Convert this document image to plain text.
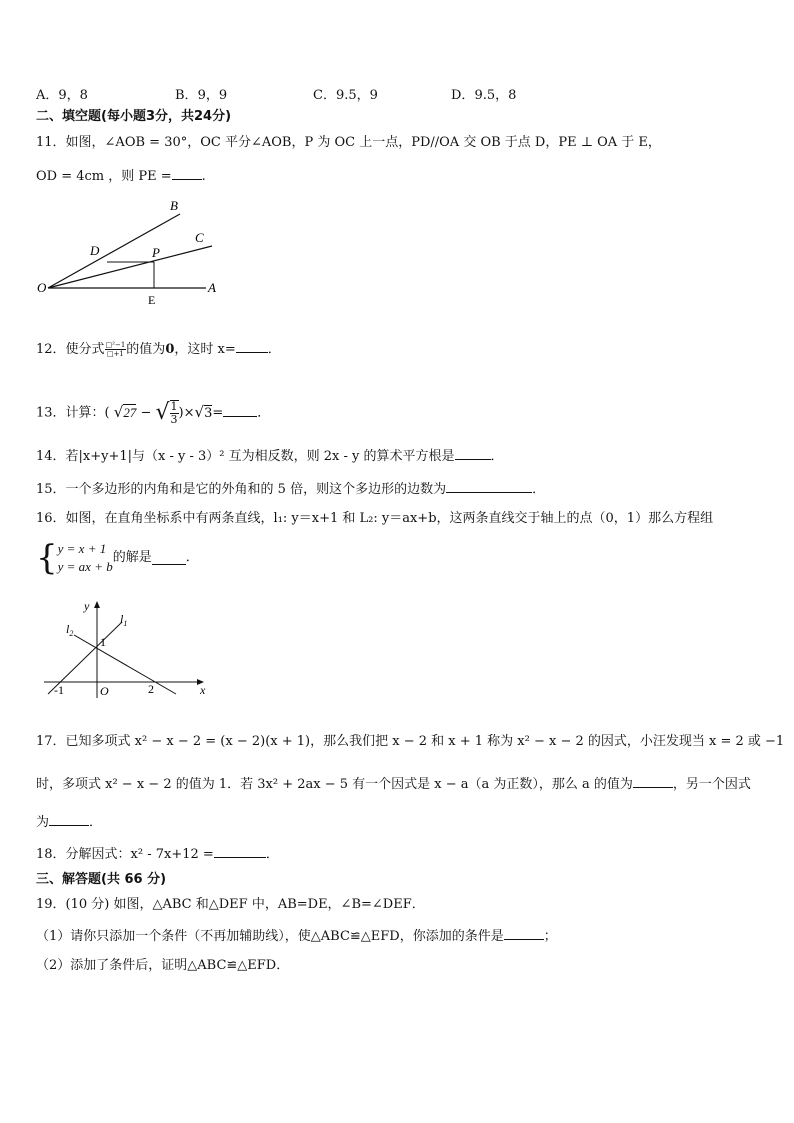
A．9，8	B．9，9	C．9.5，9	D．9.5，8
二、填空题(每小题3分，共24分)
11．如图，∠AOB = 30°，OC 平分∠AOB，P 为 OC 上一点，PD//OA 交 OB 于点 D，PE ⊥ OA 于 E，
OD = 4cm ，则 PE = .
B
C
D	P
O
E
A
12．使分式 $\frac{\text{□²−1}}{□+1}$ 的值为0，这时 x= ．
13．计算：( √27 − √ $\frac{1}{3} )\times√3=$	．
14．若|x+y+1|与（x - y - 3）² 互为相反数，则 2x - y 的算术平方根是	．
15．一个多边形的内角和是它的外角和的 5 倍，则这个多边形的边数为	．
16．如图，在直角坐标系中有两条直线，l₁: y＝x+1 和 L₂: y＝ax+b，这两条直线交于轴上的点（0，1）那么方程组
{ y = x + 1
y = ax + b
的解是	．
y
x
$l_1$
$l_2$
1
O
-1	2
17．已知多项式 x² − x − 2 = (x − 2)(x + 1)，那么我们把 x − 2 和 x + 1 称为 x² − x − 2 的因式，小汪发现当 x = 2 或 −1
时，多项式 x² − x − 2 的值为 1．若 3x² + 2ax − 5 有一个因式是 x − a（a 为正数），那么 a 的值为	，另一个因式
为	．
18．分解因式：x² - 7x+12 =	．
三、解答题(共 66 分)
19．(10 分) 如图，△ABC 和△DEF 中，AB=DE，∠B=∠DEF．
（1）请你只添加一个条件（不再加辅助线），使△ABC≌△EFD，你添加的条件是	；
（2）添加了条件后，证明△ABC≌△EFD．
